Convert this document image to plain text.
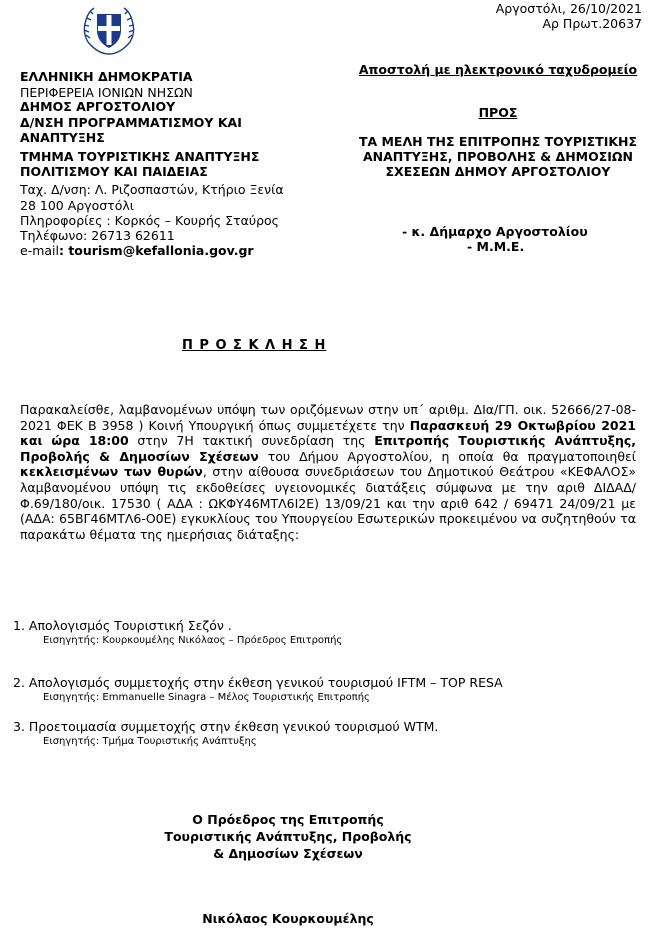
Αργοστόλι, 26/10/2021
Αρ Πρωτ.20637
ΕΛΛΗΝΙΚΗ ΔΗΜΟΚΡΑΤΙΑ
ΠΕΡΙΦΕΡΕΙΑ ΙΟΝΙΩΝ ΝΗΣΩΝ
ΔΗΜΟΣ ΑΡΓΟΣΤΟΛΙΟΥ
Δ/ΝΣΗ ΠΡΟΓΡΑΜΜΑΤΙΣΜΟΥ ΚΑΙ
ΑΝΑΠΤΥΞΗΣ
ΤΜΗΜΑ ΤΟΥΡΙΣΤΙΚΗΣ ΑΝΑΠΤΥΞΗΣ
ΠΟΛΙΤΙΣΜΟΥ ΚΑΙ ΠΑΙΔΕΙΑΣ
Ταχ. Δ/νση: Λ. Ριζοσπαστών, Κτήριο Ξενία
28 100 Αργοστόλι
Πληροφορίες : Κορκός – Κουρής Σταύρος
Τηλέφωνο: 26713 62611
e-mail: tourism@kefallonia.gov.gr
Αποστολή με ηλεκτρονικό ταχυδρομείο
ΠΡΟΣ
ΤΑ ΜΕΛΗ ΤΗΣ ΕΠΙΤΡΟΠΗΣ ΤΟΥΡΙΣΤΙΚΗΣ
ΑΝΑΠΤΥΞΗΣ, ΠΡΟΒΟΛΗΣ & ΔΗΜΟΣΙΩΝ
ΣΧΕΣΕΩΝ ΔΗΜΟΥ ΑΡΓΟΣΤΟΛΙΟΥ
- κ. Δήμαρχο Αργοστολίου
- Μ.Μ.Ε.
Π Ρ Ο Σ Κ Λ Η Σ Η

Παρακαλείσθε, λαμβανομένων υπόψη των οριζόμενων στην υπ΄ αριθμ. ΔΙα/ΓΠ. οικ. 52666/27-08-2021 ΦΕΚ Β 3958 ) Κοινή Υπουργική όπως συμμετέχετε την Παρασκευή 29 Οκτωβρίου 2021 και ώρα 18:00 στην 7Η τακτική συνεδρίαση της Επιτροπής Τουριστικής Ανάπτυξης, Προβολής & Δημοσίων Σχέσεων του Δήμου Αργοστολίου, η οποία θα πραγματοποιηθεί κεκλεισμένων των θυρών, στην αίθουσα συνεδριάσεων του Δημοτικού Θεάτρου «ΚΕΦΑΛΟΣ» λαμβανομένου υπόψη τις εκδοθείσες υγειονομικές διατάξεις σύμφωνα με την αριθ ΔΙΔΑΔ/Φ.69/180/οικ. 17530 ( ΑΔΑ : ΩΚΦΥ46ΜΤΛ6Ι2Ε) 13/09/21 και την αριθ 642 / 69471 24/09/21 με (ΑΔΑ: 65ΒΓ46ΜΤΛ6-Ο0Ε) εγκυκλίους του Υπουργείου Εσωτερικών προκειμένου να συζητηθούν τα παρακάτω θέματα της ημερήσιας διάταξης:

1. Απολογισμός Τουριστική Σεζόν .
Εισηγητής: Κουρκουμέλης Νικόλαος – Πρόεδρος Επιτροπής
2. Απολογισμός συμμετοχής στην έκθεση γενικού τουρισμού IFTM – TOP RESA
Εισηγητής: Emmanuelle Sinagra – Μέλος Τουριστικής Επιτροπής
3. Προετοιμασία συμμετοχής στην έκθεση γενικού τουρισμού WTM.
Εισηγητής: Τμήμα Τουριστικής Ανάπτυξης
Ο Πρόεδρος της Επιτροπής
Τουριστικής Ανάπτυξης, Προβολής
& Δημοσίων Σχέσεων
Νικόλαος Κουρκουμέλης
